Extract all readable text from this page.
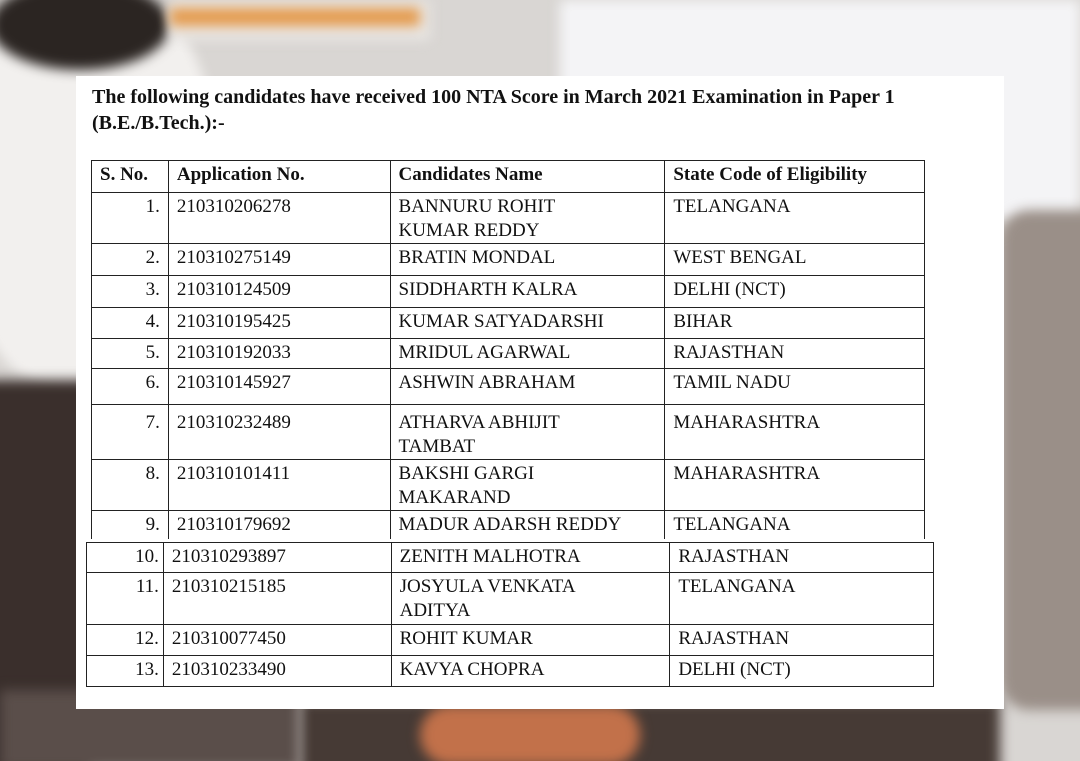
The following candidates have received 100 NTA Score in March 2021 Examination in Paper 1 (B.E./B.Tech.):-
S. No.	Application No.	Candidates Name	State Code of Eligibility
1.	210310206278	BANNURU ROHIT KUMAR REDDY	TELANGANA
2.	210310275149	BRATIN MONDAL	WEST BENGAL
3.	210310124509	SIDDHARTH KALRA	DELHI (NCT)
4.	210310195425	KUMAR SATYADARSHI	BIHAR
5.	210310192033	MRIDUL AGARWAL	RAJASTHAN
6.	210310145927	ASHWIN ABRAHAM	TAMIL NADU
7.	210310232489	ATHARVA ABHIJIT TAMBAT	MAHARASHTRA
8.	210310101411	BAKSHI GARGI MAKARAND	MAHARASHTRA
9.	210310179692	MADUR ADARSH REDDY	TELANGANA
10.	210310293897	ZENITH MALHOTRA	RAJASTHAN
11.	210310215185	JOSYULA VENKATA ADITYA	TELANGANA
12.	210310077450	ROHIT KUMAR	RAJASTHAN
13.	210310233490	KAVYA CHOPRA	DELHI (NCT)
